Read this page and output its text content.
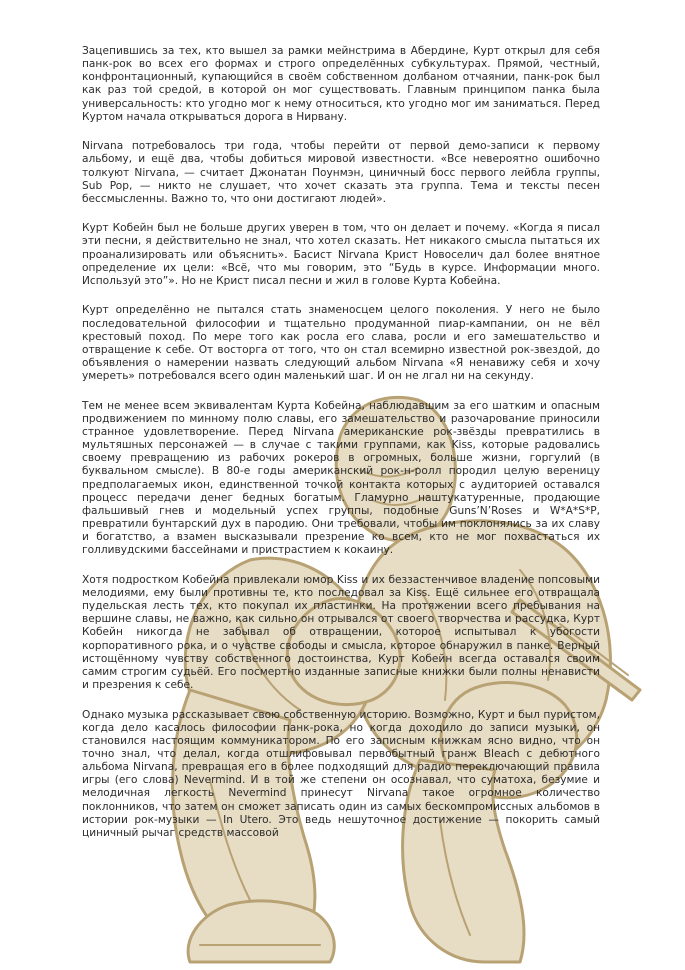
Зацепившись за тех, кто вышел за рамки мейнстрима в Абердине, Курт открыл для себя панк-рок во всех его формах и строго определённых субкультурах. Прямой, честный, конфронтационный, купающийся в своём собственном долбаном отчаянии, панк-рок был как раз той средой, в которой он мог существовать. Главным принципом панка была универсальность: кто угодно мог к нему относиться, кто угодно мог им заниматься. Перед Куртом начала открываться дорога в Нирвану.

Nirvana потребовалось три года, чтобы перейти от первой демо-записи к первому альбому, и ещё два, чтобы добиться мировой известности. «Все невероятно ошибочно толкуют Nirvana, — считает Джонатан Поунмэн, циничный босс первого лейбла группы, Sub Pop, — никто не слушает, что хочет сказать эта группа. Тема и тексты песен бессмысленны. Важно то, что они достигают людей».

Курт Кобейн был не больше других уверен в том, что он делает и почему. «Когда я писал эти песни, я действительно не знал, что хотел сказать. Нет никакого смысла пытаться их проанализировать или объяснить». Басист Nirvana Крист Новоселич дал более внятное определение их цели: «Всё, что мы говорим, это “Будь в курсе. Информации много. Используй это”». Но не Крист писал песни и жил в голове Курта Кобейна.

Курт определённо не пытался стать знаменосцем целого поколения. У него не было последовательной философии и тщательно продуманной пиар-кампании, он не вёл крестовый поход. По мере того как росла его слава, росли и его замешательство и отвращение к себе. От восторга от того, что он стал всемирно известной рок-звездой, до объявления о намерении назвать следующий альбом Nirvana «Я ненавижу себя и хочу умереть» потребовался всего один маленький шаг. И он не лгал ни на секунду.

Тем не менее всем эквивалентам Курта Кобейна, наблюдавшим за его шатким и опасным продвижением по минному полю славы, его замешательство и разочарование приносили странное удовлетворение. Перед Nirvana американские рок-звёзды превратились в мультяшных персонажей — в случае с такими группами, как Kiss, которые радовались своему превращению из рабочих рокеров в огромных, больше жизни, горгулий (в буквальном смысле). В 80-е годы американский рок-н-ролл породил целую вереницу предполагаемых икон, единственной точкой контакта которых с аудиторией оставался процесс передачи денег бедных богатым. Гламурно наштукатуренные, продающие фальшивый гнев и модельный успех группы, подобные Guns’N’Roses и W*A*S*P, превратили бунтарский дух в пародию. Они требовали, чтобы им поклонялись за их славу и богатство, а взамен высказывали презрение ко всем, кто не мог похвастаться их голливудскими бассейнами и пристрастием к кокаину.

Хотя подростком Кобейна привлекали юмор Kiss и их беззастенчивое владение попсовыми мелодиями, ему были противны те, кто последовал за Kiss. Ещё сильнее его отвращала пудельская лесть тех, кто покупал их пластинки. На протяжении всего пребывания на вершине славы, не важно, как сильно он отрывался от своего творчества и рассудка, Курт Кобейн никогда не забывал об отвращении, которое испытывал к убогости корпоративного рока, и о чувстве свободы и смысла, которое обнаружил в панке. Верный истощённому чувству собственного достоинства, Курт Кобейн всегда оставался своим самим строгим судьёй. Его посмертно изданные записные книжки были полны ненависти и презрения к себе.

Однако музыка рассказывает свою собственную историю. Возможно, Курт и был пуристом, когда дело касалось философии панк-рока, но когда доходило до записи музыки, он становился настоящим коммуникатором. По его записным книжкам ясно видно, что он точно знал, что делал, когда отшлифовывал первобытный гранж Bleach с дебютного альбома Nirvana, превращая его в более подходящий для радио переключающий правила игры (его слова) Nevermind. И в той же степени он осознавал, что суматоха, безумие и мелодичная легкость Nevermind принесут Nirvana такое огромное количество поклонников, что затем он сможет записать один из самых бескомпромиссных альбомов в истории рок-музыки — In Utero. Это ведь нешуточное достижение — покорить самый циничный рычаг средств массовой
